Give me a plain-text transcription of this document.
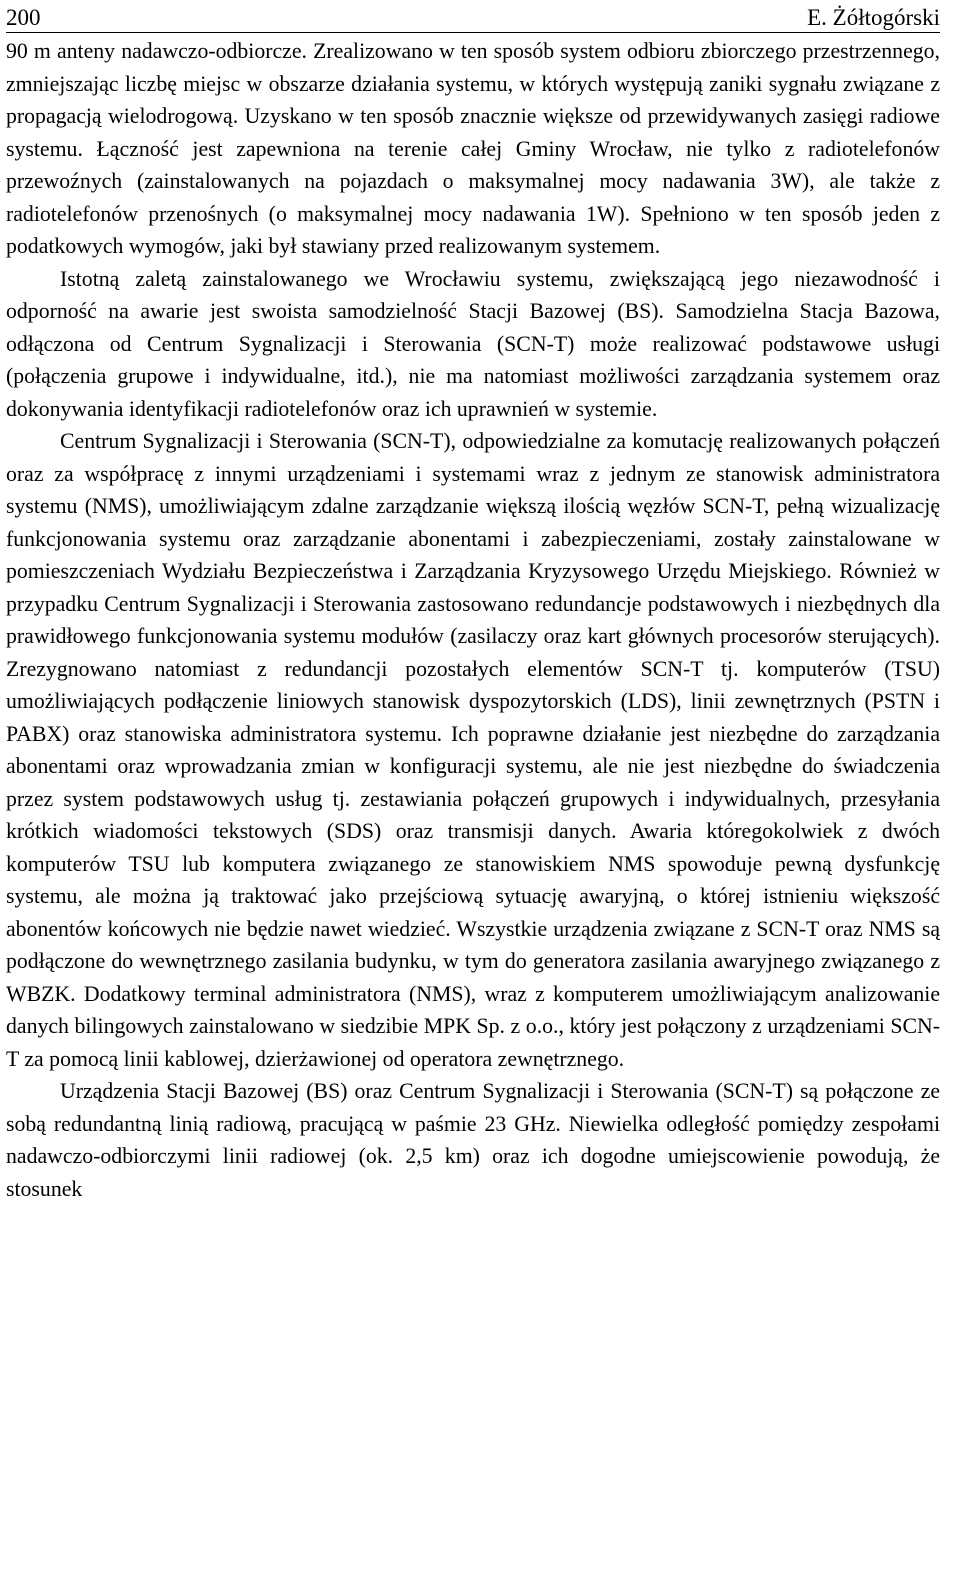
200	E. Żółtogórski

90 m anteny nadawczo-odbiorcze. Zrealizowano w ten sposób system odbioru zbiorczego przestrzennego, zmniejszając liczbę miejsc w obszarze działania systemu, w których występują zaniki sygnału związane z propagacją wielodrogową. Uzyskano w ten sposób znacznie większe od przewidywanych zasięgi radiowe systemu. Łączność jest zapewniona na terenie całej Gminy Wrocław, nie tylko z radiotelefonów przewoźnych (zainstalowanych na pojazdach o maksymalnej mocy nadawania 3W), ale także z radiotelefonów przenośnych (o maksymalnej mocy nadawania 1W). Spełniono w ten sposób jeden z podatkowych wymogów, jaki był stawiany przed realizowanym systemem.

Istotną zaletą zainstalowanego we Wrocławiu systemu, zwiększającą jego niezawodność i odporność na awarie jest swoista samodzielność Stacji Bazowej (BS). Samodzielna Stacja Bazowa, odłączona od Centrum Sygnalizacji i Sterowania (SCN-T) może realizować podstawowe usługi (połączenia grupowe i indywidualne, itd.), nie ma natomiast możliwości zarządzania systemem oraz dokonywania identyfikacji radiotelefonów oraz ich uprawnień w systemie.

Centrum Sygnalizacji i Sterowania (SCN-T), odpowiedzialne za komutację realizowanych połączeń oraz za współpracę z innymi urządzeniami i systemami wraz z jednym ze stanowisk administratora systemu (NMS), umożliwiającym zdalne zarządzanie większą ilością węzłów SCN-T, pełną wizualizację funkcjonowania systemu oraz zarządzanie abonentami i zabezpieczeniami, zostały zainstalowane w pomieszczeniach Wydziału Bezpieczeństwa i Zarządzania Kryzysowego Urzędu Miejskiego. Również w przypadku Centrum Sygnalizacji i Sterowania zastosowano redundancje podstawowych i niezbędnych dla prawidłowego funkcjonowania systemu modułów (zasilaczy oraz kart głównych procesorów sterujących). Zrezygnowano natomiast z redundancji pozostałych elementów SCN-T tj. komputerów (TSU) umożliwiających podłączenie liniowych stanowisk dyspozytorskich (LDS), linii zewnętrznych (PSTN i PABX) oraz stanowiska administratora systemu. Ich poprawne działanie jest niezbędne do zarządzania abonentami oraz wprowadzania zmian w konfiguracji systemu, ale nie jest niezbędne do świadczenia przez system podstawowych usług tj. zestawiania połączeń grupowych i indywidualnych, przesyłania krótkich wiadomości tekstowych (SDS) oraz transmisji danych. Awaria któregokolwiek z dwóch komputerów TSU lub komputera związanego ze stanowiskiem NMS spowoduje pewną dysfunkcję systemu, ale można ją traktować jako przejściową sytuację awaryjną, o której istnieniu większość abonentów końcowych nie będzie nawet wiedzieć. Wszystkie urządzenia związane z SCN-T oraz NMS są podłączone do wewnętrznego zasilania budynku, w tym do generatora zasilania awaryjnego związanego z WBZK. Dodatkowy terminal administratora (NMS), wraz z komputerem umożliwiającym analizowanie danych bilingowych zainstalowano w siedzibie MPK Sp. z o.o., który jest połączony z urządzeniami SCN-T za pomocą linii kablowej, dzierżawionej od operatora zewnętrznego.

Urządzenia Stacji Bazowej (BS) oraz Centrum Sygnalizacji i Sterowania (SCN-T) są połączone ze sobą redundantną linią radiową, pracującą w paśmie 23 GHz. Niewielka odległość pomiędzy zespołami nadawczo-odbiorczymi linii radiowej (ok. 2,5 km) oraz ich dogodne umiejscowienie powodują, że stosunek
